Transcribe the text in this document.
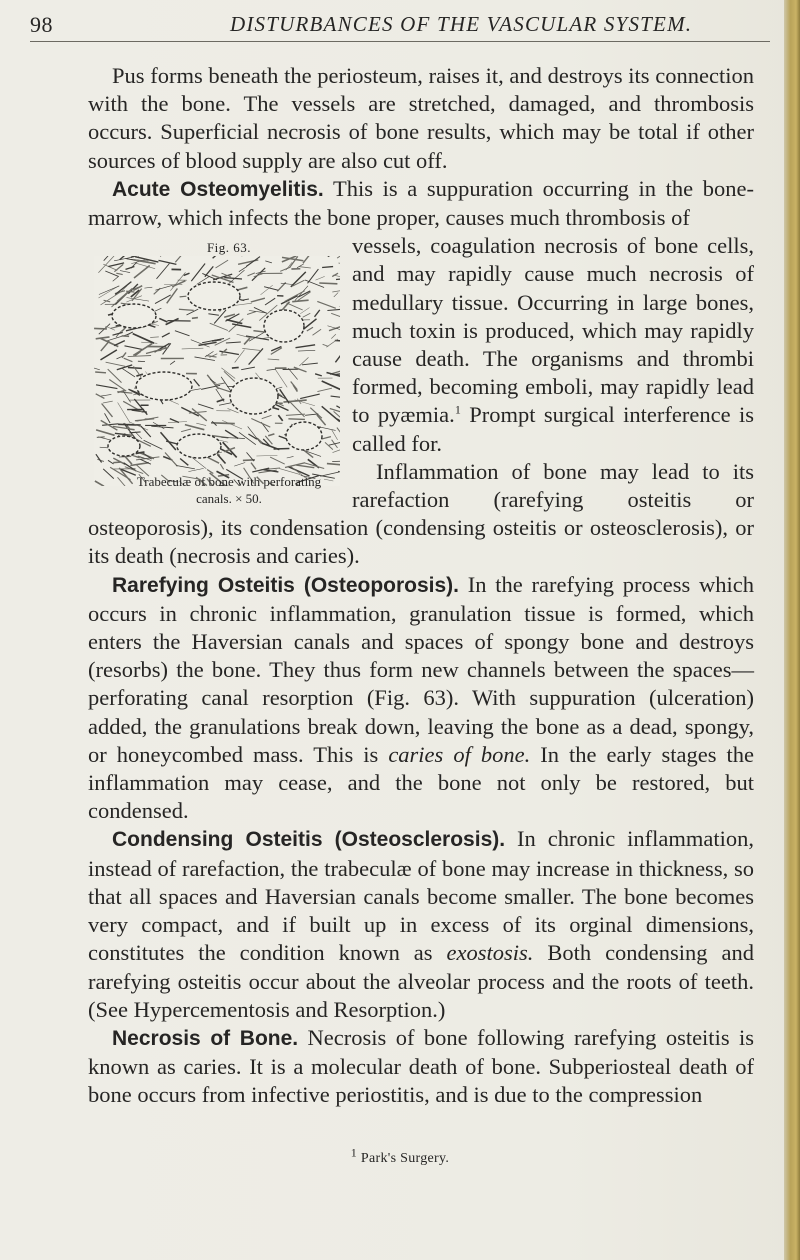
98	DISTURBANCES OF THE VASCULAR SYSTEM.

Pus forms beneath the periosteum, raises it, and destroys its connection with the bone. The vessels are stretched, damaged, and thrombosis occurs. Superficial necrosis of bone results, which may be total if other sources of blood supply are also cut off.

Acute Osteomyelitis. This is a suppuration occurring in the bone-marrow, which infects the bone proper, causes much thrombosis of

Fig. 63.
Trabeculæ of bone with perforating
canals. × 50.
vessels, coagulation necrosis of bone cells, and may rapidly cause much necrosis of medullary tissue. Occurring in large bones, much toxin is produced, which may rapidly cause death. The organisms and thrombi formed, becoming emboli, may rapidly lead to pyæmia.$^1$ Prompt surgical interference is called for.

Inflammation of bone may lead to its rarefaction (rarefying osteitis or osteoporosis), its condensation (condensing osteitis or osteosclerosis), or its death (necrosis and caries).

Rarefying Osteitis (Osteoporosis). In the rarefying process which occurs in chronic inflammation, granulation tissue is formed, which enters the Haversian canals and spaces of spongy bone and destroys (resorbs) the bone. They thus form new channels between the spaces—perforating canal resorption (Fig. 63). With suppuration (ulceration) added, the granulations break down, leaving the bone as a dead, spongy, or honeycombed mass. This is caries of bone. In the early stages the inflammation may cease, and the bone not only be restored, but condensed.

Condensing Osteitis (Osteosclerosis). In chronic inflammation, instead of rarefaction, the trabeculæ of bone may increase in thickness, so that all spaces and Haversian canals become smaller. The bone becomes very compact, and if built up in excess of its orginal dimensions, constitutes the condition known as exostosis. Both condensing and rarefying osteitis occur about the alveolar process and the roots of teeth. (See Hypercementosis and Resorption.)

Necrosis of Bone. Necrosis of bone following rarefying osteitis is known as caries. It is a molecular death of bone. Subperiosteal death of bone occurs from infective periostitis, and is due to the compression

$^1$ Park's Surgery.
